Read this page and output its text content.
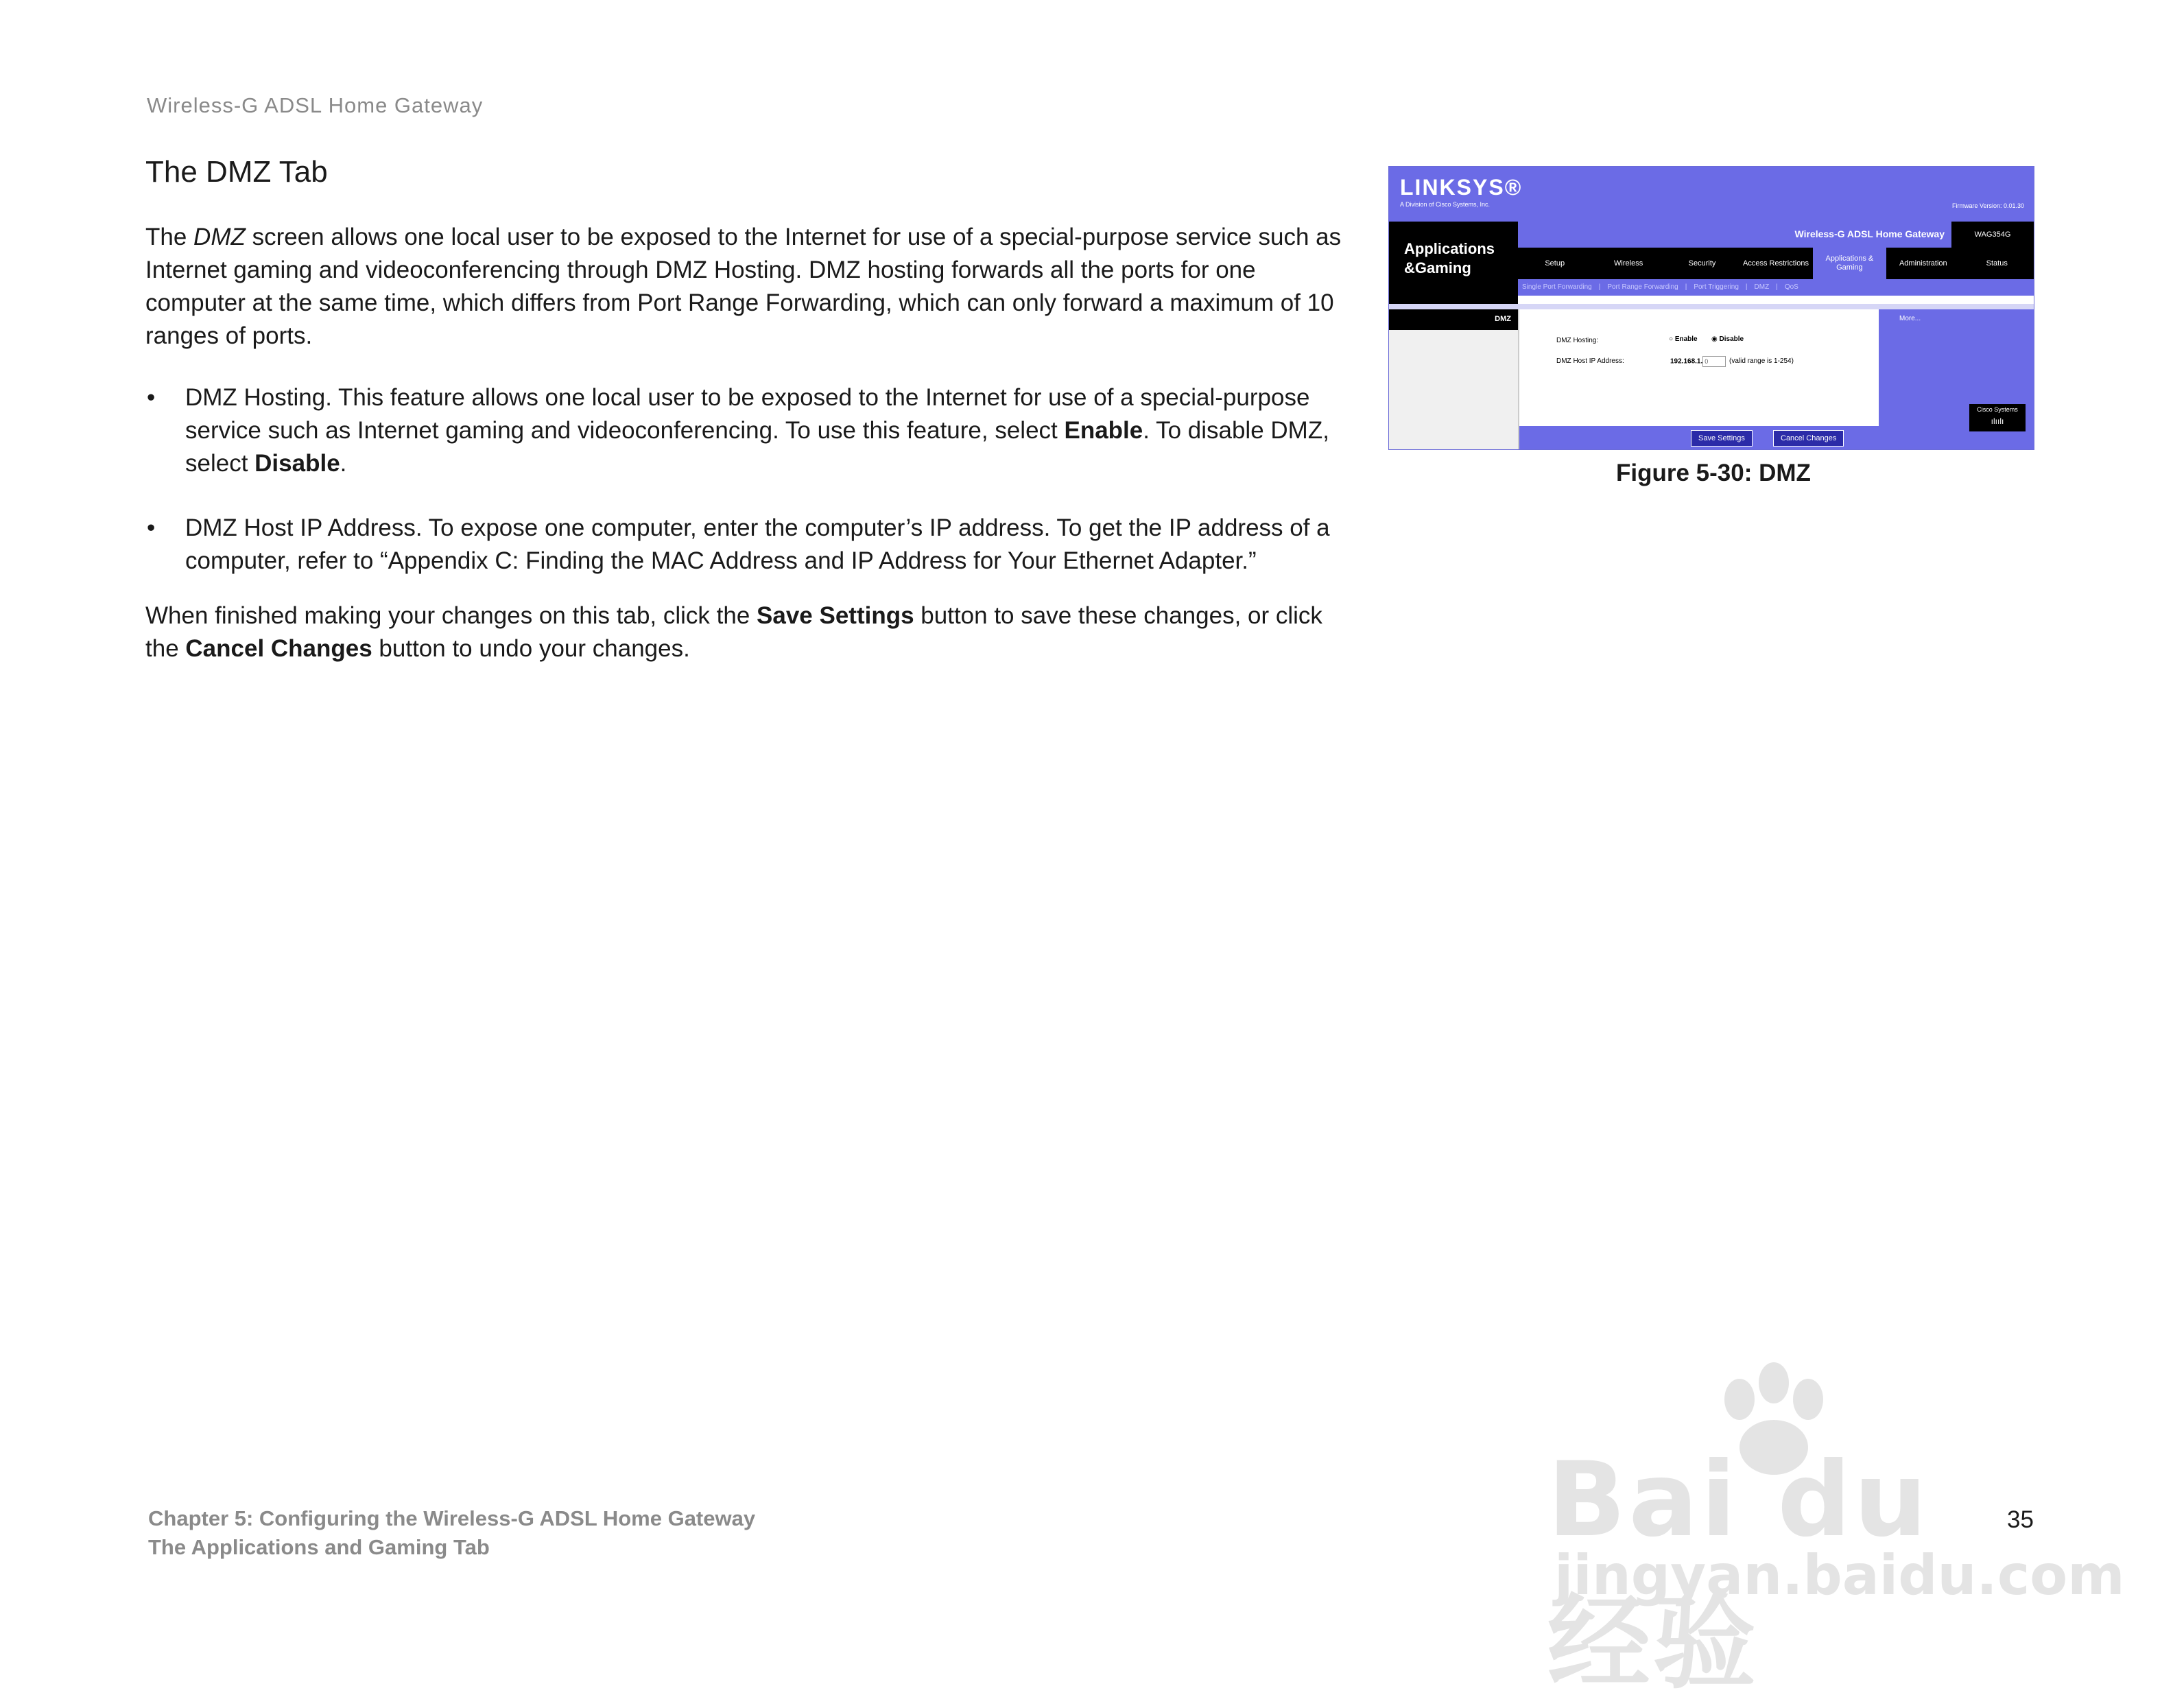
Wireless-G ADSL Home Gateway
The DMZ Tab
The DMZ screen allows one local user to be exposed to the Internet for use of a special-purpose service such as Internet gaming and videoconferencing through DMZ Hosting. DMZ hosting forwards all the ports for one computer at the same time, which differs from Port Range Forwarding, which can only forward a maximum of 10 ranges of ports.
• DMZ Hosting. This feature allows one local user to be exposed to the Internet for use of a special-purpose service such as Internet gaming and videoconferencing. To use this feature, select Enable. To disable DMZ, select Disable.
• DMZ Host IP Address. To expose one computer, enter the computer’s IP address. To get the IP address of a computer, refer to “Appendix C: Finding the MAC Address and IP Address for Your Ethernet Adapter.”
When finished making your changes on this tab, click the Save Settings button to save these changes, or click the Cancel Changes button to undo your changes.
LINKSYS®
A Division of Cisco Systems, Inc.	Firmware Version: 0.01.30
Applications
&Gaming
Wireless-G ADSL Home Gateway	WAG354G
Setup	Wireless	Security	Access Restrictions
Applications & Gaming
Administration	Status
Single Port Forwarding | Port Range Forwarding | Port Triggering | DMZ | QoS
DMZ
DMZ Hosting:	○ Enable ◉ Disable
DMZ Host IP Address:	192.168.1. 0	(valid range is 1-254)
Save Settings	Cancel Changes
More...
Cisco Systems
ılıılı
Figure 5-30: DMZ
Chapter 5: Configuring the Wireless-G ADSL Home Gateway
The Applications and Gaming Tab
35
Bai du 经验
jingyan.baidu.com
